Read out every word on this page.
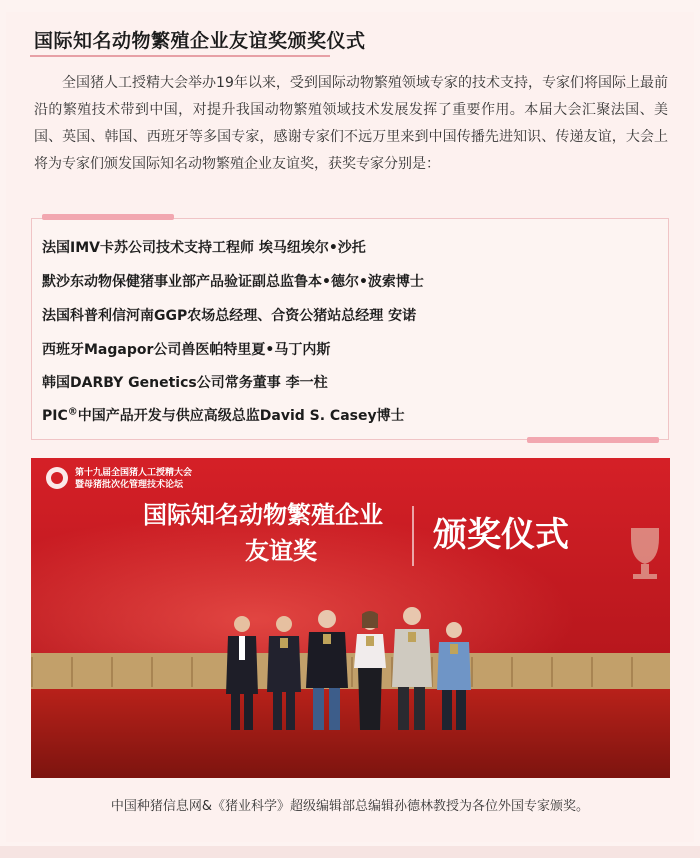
国际知名动物繁殖企业友谊奖颁奖仪式
全国猪人工授精大会举办19年以来，受到国际动物繁殖领域专家的技术支持，专家们将国际上最前沿的繁殖技术带到中国，对提升我国动物繁殖领域技术发展发挥了重要作用。本届大会汇聚法国、美国、英国、韩国、西班牙等多国专家，感谢专家们不远万里来到中国传播先进知识、传递友谊，大会上将为专家们颁发国际知名动物繁殖企业友谊奖，获奖专家分别是：
法国IMV卡苏公司技术支持工程师 埃马纽埃尔•沙托
默沙东动物保健猪事业部产品验证副总监鲁本•德尔•波索博士
法国科普利信河南GGP农场总经理、合资公猪站总经理 安诺
西班牙Magapor公司兽医帕特里夏•马丁内斯
韩国DARBY Genetics公司常务董事 李一柱
PIC®中国产品开发与供应高级总监David S. Casey博士
第十九届全国猪人工授精大会
暨母猪批次化管理技术论坛
国际知名动物繁殖企业
友谊奖	颁奖仪式
中国种猪信息网&《猪业科学》超级编辑部总编辑孙德林教授为各位外国专家颁奖。
